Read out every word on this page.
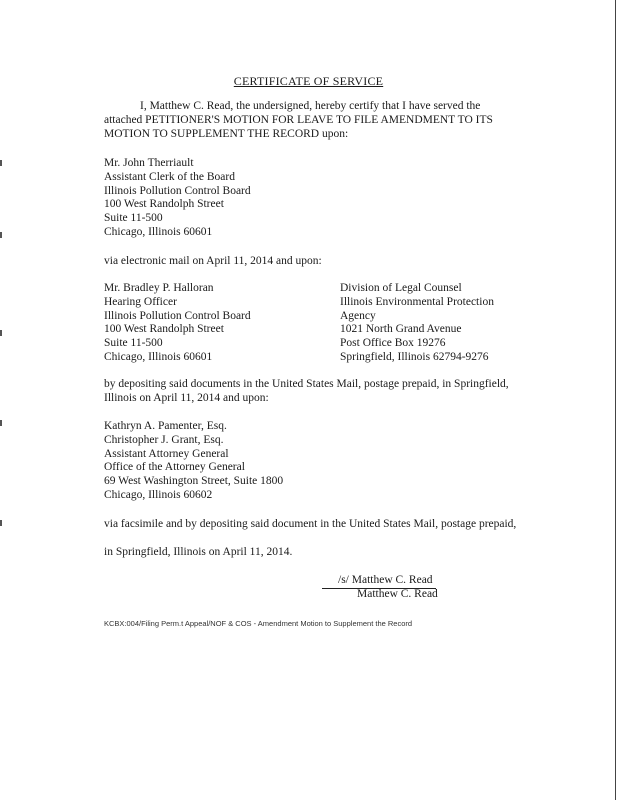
CERTIFICATE OF SERVICE
I, Matthew C. Read, the undersigned, hereby certify that I have served the
attached PETITIONER'S MOTION FOR LEAVE TO FILE AMENDMENT TO ITS
MOTION TO SUPPLEMENT THE RECORD upon:
Mr. John Therriault
Assistant Clerk of the Board
Illinois Pollution Control Board
100 West Randolph Street
Suite 11-500
Chicago, Illinois 60601
via electronic mail on April 11, 2014 and upon:
Mr. Bradley P. Halloran
Hearing Officer
Illinois Pollution Control Board
100 West Randolph Street
Suite 11-500
Chicago, Illinois 60601
Division of Legal Counsel
Illinois Environmental Protection
Agency
1021 North Grand Avenue
Post Office Box 19276
Springfield, Illinois 62794-9276
by depositing said documents in the United States Mail, postage prepaid, in Springfield,
Illinois on April 11, 2014 and upon:
Kathryn A. Pamenter, Esq.
Christopher J. Grant, Esq.
Assistant Attorney General
Office of the Attorney General
69 West Washington Street, Suite 1800
Chicago, Illinois 60602
via facsimile and by depositing said document in the United States Mail, postage prepaid,
in Springfield, Illinois on April 11, 2014.
/s/ Matthew C. Read
Matthew C. Read
KCBX:004/Filing Perm.t Appeal/NOF & COS - Amendment Motion to Supplement the Record
